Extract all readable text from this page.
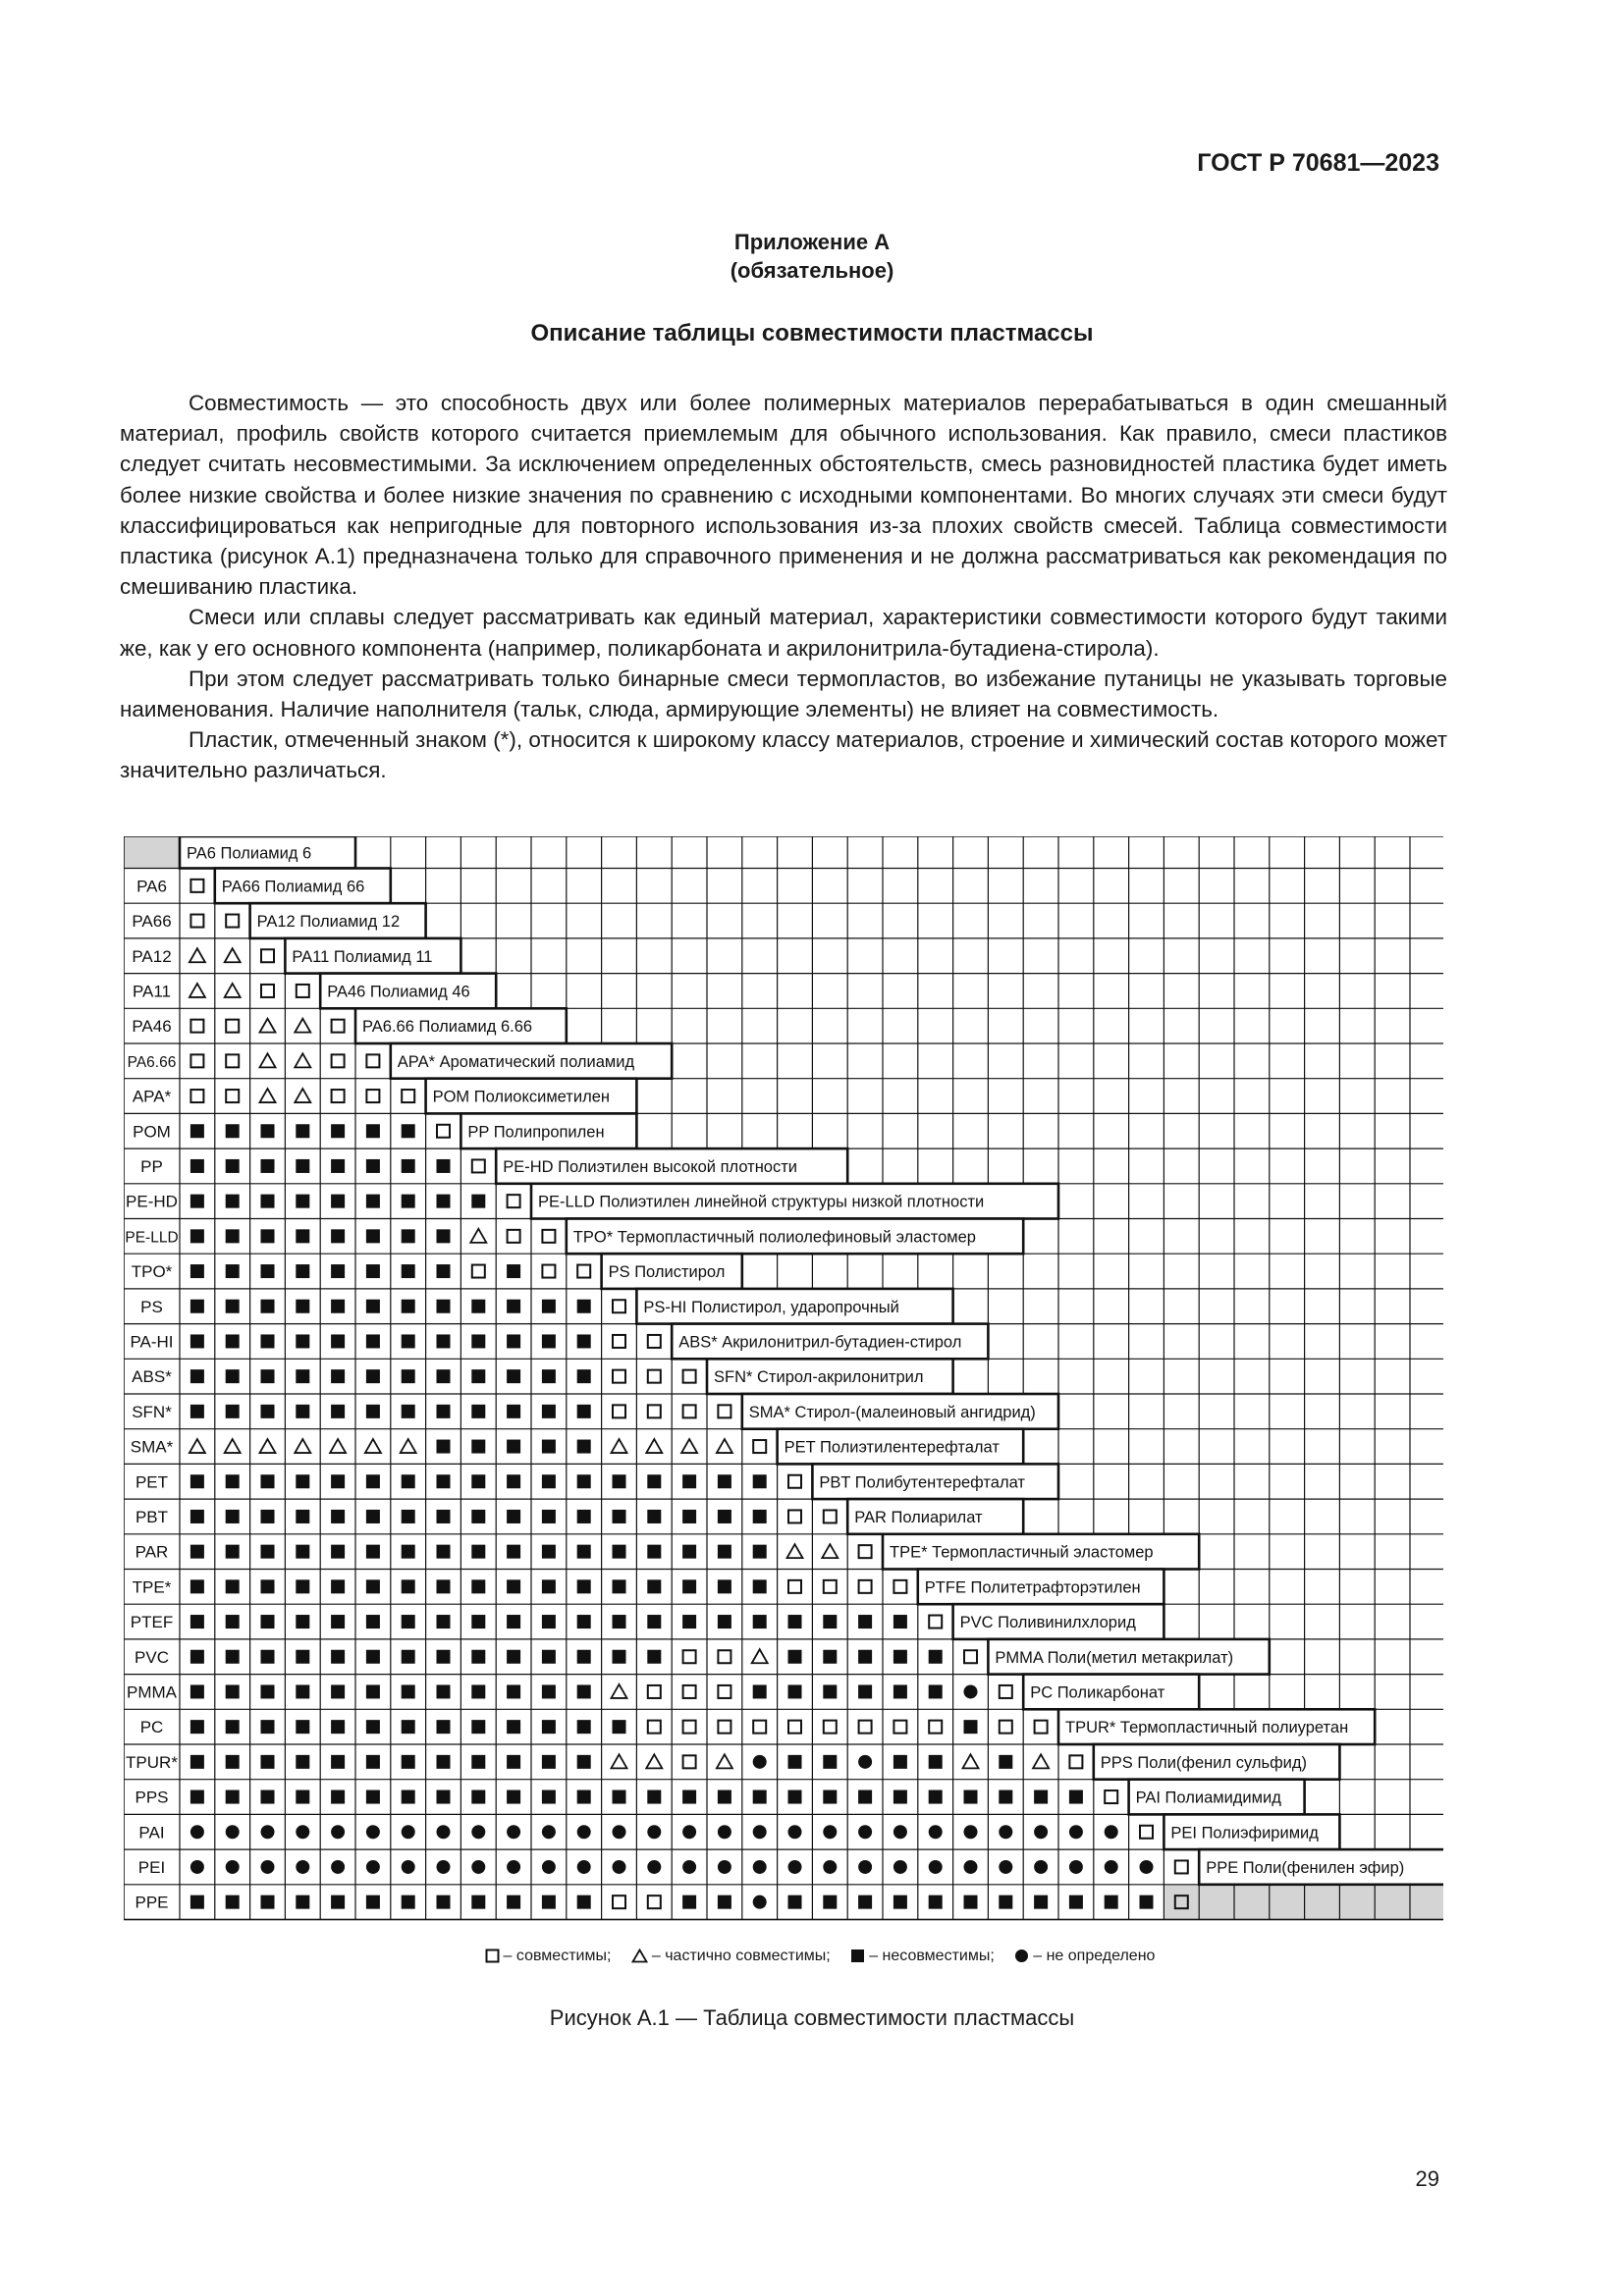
ГОСТ Р 70681—2023
Приложение А
(обязательное)
Описание таблицы совместимости пластмассы

Совместимость — это способность двух или более полимерных материалов перерабатываться в один смешанный материал, профиль свойств которого считается приемлемым для обычного использования. Как правило, смеси пластиков следует считать несовместимыми. За исключением определенных обстоятельств, смесь разновидностей пластика будет иметь более низкие свойства и более низкие значения по сравнению с исходными компонентами. Во многих случаях эти смеси будут классифицироваться как непригодные для повторного использования из-за плохих свойств смесей. Таблица совместимости пластика (рисунок А.1) предназначена только для справочного применения и не должна рассматриваться как рекомендация по смешиванию пластика.

Смеси или сплавы следует рассматривать как единый материал, характеристики совместимости которого будут такими же, как у его основного компонента (например, поликарбоната и акрилонитрила-бутадиена-стирола).

При этом следует рассматривать только бинарные смеси термопластов, во избежание путаницы не указывать торговые наименования. Наличие наполнителя (тальк, слюда, армирующие элементы) не влияет на совместимость.

Пластик, отмеченный знаком (*), относится к широкому классу материалов, строение и химический состав которого может значительно различаться.

PA6
PA66
PA12
PA11
PA46
PA6.66
APA*
POM
PP
PE-HD
PE-LLD
TPO*
PS
PA-HI
ABS*
SFN*
SMA*
PET
PBT
PAR
TPE*
PTEF
PVC
PMMA
PC
TPUR*
PPS
PAI
PEI
PPE
PA6 Полиамид 6
PA66 Полиамид 66
PA12 Полиамид 12
PA11 Полиамид 11
PA46 Полиамид 46
PA6.66 Полиамид 6.66
APA* Ароматический полиамид
POM Полиоксиметилен
PP Полипропилен
PE-HD Полиэтилен высокой плотности
PE-LLD Полиэтилен линейной структуры низкой плотности
TPO* Термопластичный полиолефиновый эластомер
PS Полистирол
PS-HI Полистирол, ударопрочный
ABS* Акрилонитрил-бутадиен-стирол
SFN* Стирол-акрилонитрил
SMA* Стирол-(малеиновый ангидрид)
PET Полиэтилентерефталат
PBT Полибутентерефталат
PAR Полиарилат
TPE* Термопластичный эластомер
PTFE Политетрафторэтилен
PVC Поливинилхлорид
PMMA Поли(метил метакрилат)
PC Поликарбонат
TPUR* Термопластичный полиуретан
PPS Поли(фенил сульфид)
PAI Полиамидимид
PEI Полиэфиримид
PPE Поли(фенилен эфир)
– совместимы;	– частично совместимы; – несовместимы; – не определено
Рисунок А.1 — Таблица совместимости пластмассы
29
